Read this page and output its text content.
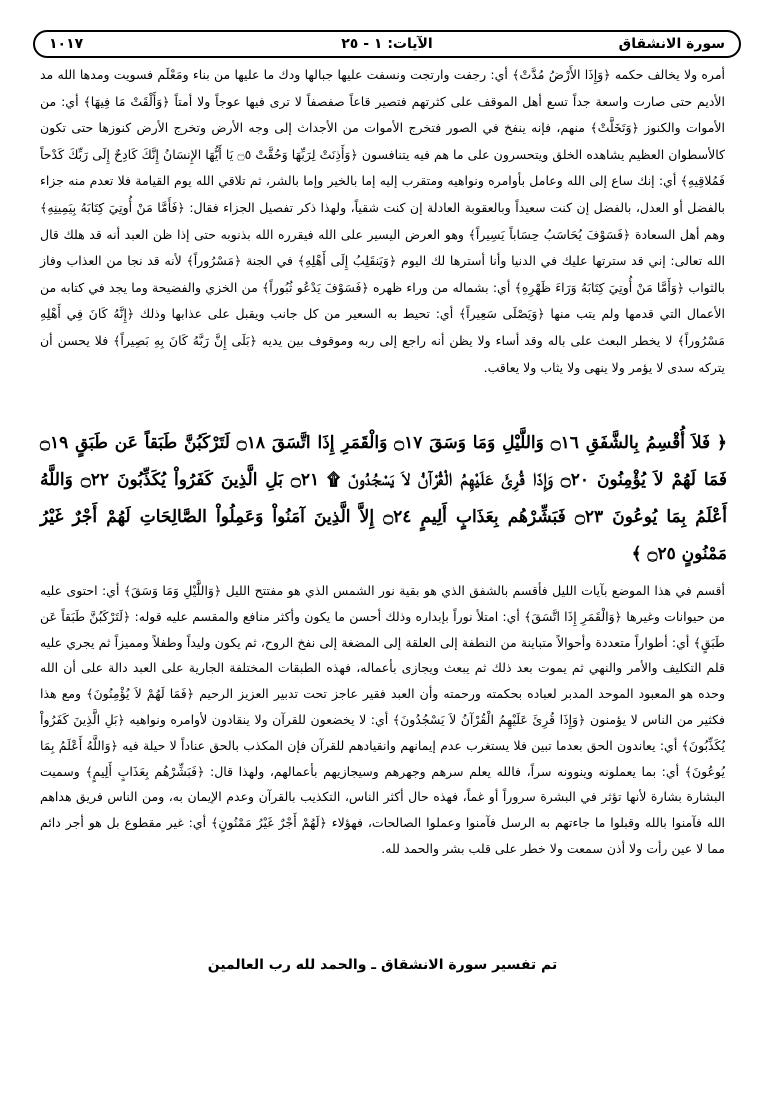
سورة الانشقاق
الآيات: ١ - ٢٥
١٠١٧

أمره ولا يخالف حكمه ﴿وَإِذَا الأَرْضُ مُدَّتْ﴾ أي: رجفت وارتجت ونسفت عليها جبالها ودك ما عليها من بناء ومَعْلَم فسويت ومدها الله مد الأديم حتى صارت واسعة جداً تسع أهل الموقف على كثرتهم فتصير قاعاً صفصفاً لا ترى فيها عوجاً ولا أمتاً ﴿وَأَلْقَتْ مَا فِيهَا﴾ أي: من الأموات والكنوز ﴿وَتَخَلَّتْ﴾ منهم، فإنه ينفخ في الصور فتخرج الأموات من الأجداث إلى وجه الأرض وتخرج الأرض كنوزها حتى تكون كالأسطوان العظيم يشاهده الخلق ويتحسرون على ما هم فيه يتنافسون ﴿وَأَذِنَتْ لِرَبِّهَا وَحُقَّتْ ۝٥ يَا أَيُّهَا الإِنسَانُ إِنَّكَ كَادِحٌ إِلَى رَبِّكَ كَدْحاً فَمُلاقِيهِ﴾ أي: إنك ساع إلى الله وعامل بأوامره ونواهيه ومتقرب إليه إما بالخير وإما بالشر، ثم تلاقي الله يوم القيامة فلا تعدم منه جزاء بالفضل أو العدل، بالفضل إن كنت سعيداً وبالعقوبة العادلة إن كنت شقياً، ولهذا ذكر تفصيل الجزاء فقال: ﴿فَأَمَّا مَنْ أُوتِيَ كِتَابَهُ بِيَمِينِهِ﴾ وهم أهل السعادة ﴿فَسَوْفَ يُحَاسَبُ حِسَاباً يَسِيراً﴾ وهو العرض اليسير على الله فيقرره الله بذنوبه حتى إذا ظن العبد أنه قد هلك قال الله تعالى: إني قد سترتها عليك في الدنيا وأنا أسترها لك اليوم ﴿وَيَنقَلِبُ إِلَى أَهْلِهِ﴾ في الجنة ﴿مَسْرُوراً﴾ لأنه قد نجا من العذاب وفاز بالثواب ﴿وَأَمَّا مَنْ أُوتِيَ كِتَابَهُ وَرَاءَ ظَهْرِهِ﴾ أي: بشماله من وراء ظهره ﴿فَسَوْفَ يَدْعُو ثُبُوراً﴾ من الخزي والفضيحة وما يجد في كتابه من الأعمال التي قدمها ولم يتب منها ﴿وَيَصْلَى سَعِيراً﴾ أي: تحيط به السعير من كل جانب ويقبل على عذابها وذلك ﴿إِنَّهُ كَانَ فِي أَهْلِهِ مَسْرُوراً﴾ لا يخطر البعث على باله وقد أساء ولا يظن أنه راجع إلى ربه وموقوف بين يديه ﴿بَلَى إِنَّ رَبَّهُ كَانَ بِهِ بَصِيراً﴾ فلا يحسن أن يتركه سدى لا يؤمر ولا ينهى ولا يثاب ولا يعاقب.

﴿ فَلاَ أُقْسِمُ بِالشَّفَقِ ۝١٦ وَاللَّيْلِ وَمَا وَسَقَ ۝١٧ وَالْقَمَرِ إِذَا اتَّسَقَ ۝١٨ لَتَرْكَبُنَّ طَبَقاً عَن طَبَقٍ ۝١٩ فَمَا لَهُمْ لاَ يُؤْمِنُونَ ۝٢٠ وَإِذَا قُرِئَ عَلَيْهِمُ الْقُرْآنُ لاَ يَسْجُدُونَ ۩ ۝٢١ بَلِ الَّذِينَ كَفَرُواْ يُكَذِّبُونَ ۝٢٢ وَاللَّهُ أَعْلَمُ بِمَا يُوعُونَ ۝٢٣ فَبَشِّرْهُم بِعَذَابٍ أَلِيمٍ ۝٢٤ إِلاَّ الَّذِينَ آمَنُواْ وَعَمِلُواْ الصَّالِحَاتِ لَهُمْ أَجْرٌ غَيْرُ مَمْنُونٍ ۝٢٥ ﴾

أقسم في هذا الموضع بآيات الليل فأقسم بالشفق الذي هو بقية نور الشمس الذي هو مفتتح الليل ﴿وَاللَّيْلِ وَمَا وَسَقَ﴾ أي: احتوى عليه من حيوانات وغيرها ﴿وَالْقَمَرِ إِذَا اتَّسَقَ﴾ أي: امتلأ نوراً بإبداره وذلك أحسن ما يكون وأكثر منافع والمقسم عليه قوله: ﴿لَتَرْكَبُنَّ طَبَقاً عَن طَبَقٍ﴾ أي: أطواراً متعددة وأحوالاً متباينة من النطفة إلى العلقة إلى المضغة إلى نفخ الروح، ثم يكون وليداً وطفلاً ومميزاً ثم يجري عليه قلم التكليف والأمر والنهي ثم يموت بعد ذلك ثم يبعث ويجازى بأعماله، فهذه الطبقات المختلفة الجارية على العبد دالة على أن الله وحده هو المعبود الموحد المدبر لعباده بحكمته ورحمته وأن العبد فقير عاجز تحت تدبير العزيز الرحيم ﴿فَمَا لَهُمْ لاَ يُؤْمِنُونَ﴾ ومع هذا فكثير من الناس لا يؤمنون ﴿وَإِذَا قُرِئَ عَلَيْهِمُ الْقُرْآنُ لاَ يَسْجُدُونَ﴾ أي: لا يخضعون للقرآن ولا ينقادون لأوامره ونواهيه ﴿بَلِ الَّذِينَ كَفَرُواْ يُكَذِّبُونَ﴾ أي: يعاندون الحق بعدما تبين فلا يستغرب عدم إيمانهم وانقيادهم للقرآن فإن المكذب بالحق عناداً لا حيلة فيه ﴿وَاللَّهُ أَعْلَمُ بِمَا يُوعُونَ﴾ أي: بما يعملونه وينوونه سراً، فالله يعلم سرهم وجهرهم وسيجازيهم بأعمالهم، ولهذا قال: ﴿فَبَشِّرْهُم بِعَذَابٍ أَلِيمٍ﴾ وسميت البشارة بشارة لأنها تؤثر في البشرة سروراً أو غماً، فهذه حال أكثر الناس، التكذيب بالقرآن وعدم الإيمان به، ومن الناس فريق هداهم الله فآمنوا بالله وقبلوا ما جاءتهم به الرسل فآمنوا وعملوا الصالحات، فهؤلاء ﴿لَهُمْ أَجْرٌ غَيْرُ مَمْنُونٍ﴾ أي: غير مقطوع بل هو أجر دائم مما لا عين رأت ولا أذن سمعت ولا خطر على قلب بشر والحمد لله.

تم تفسير سورة الانشقاق ـ والحمد لله رب العالمين
